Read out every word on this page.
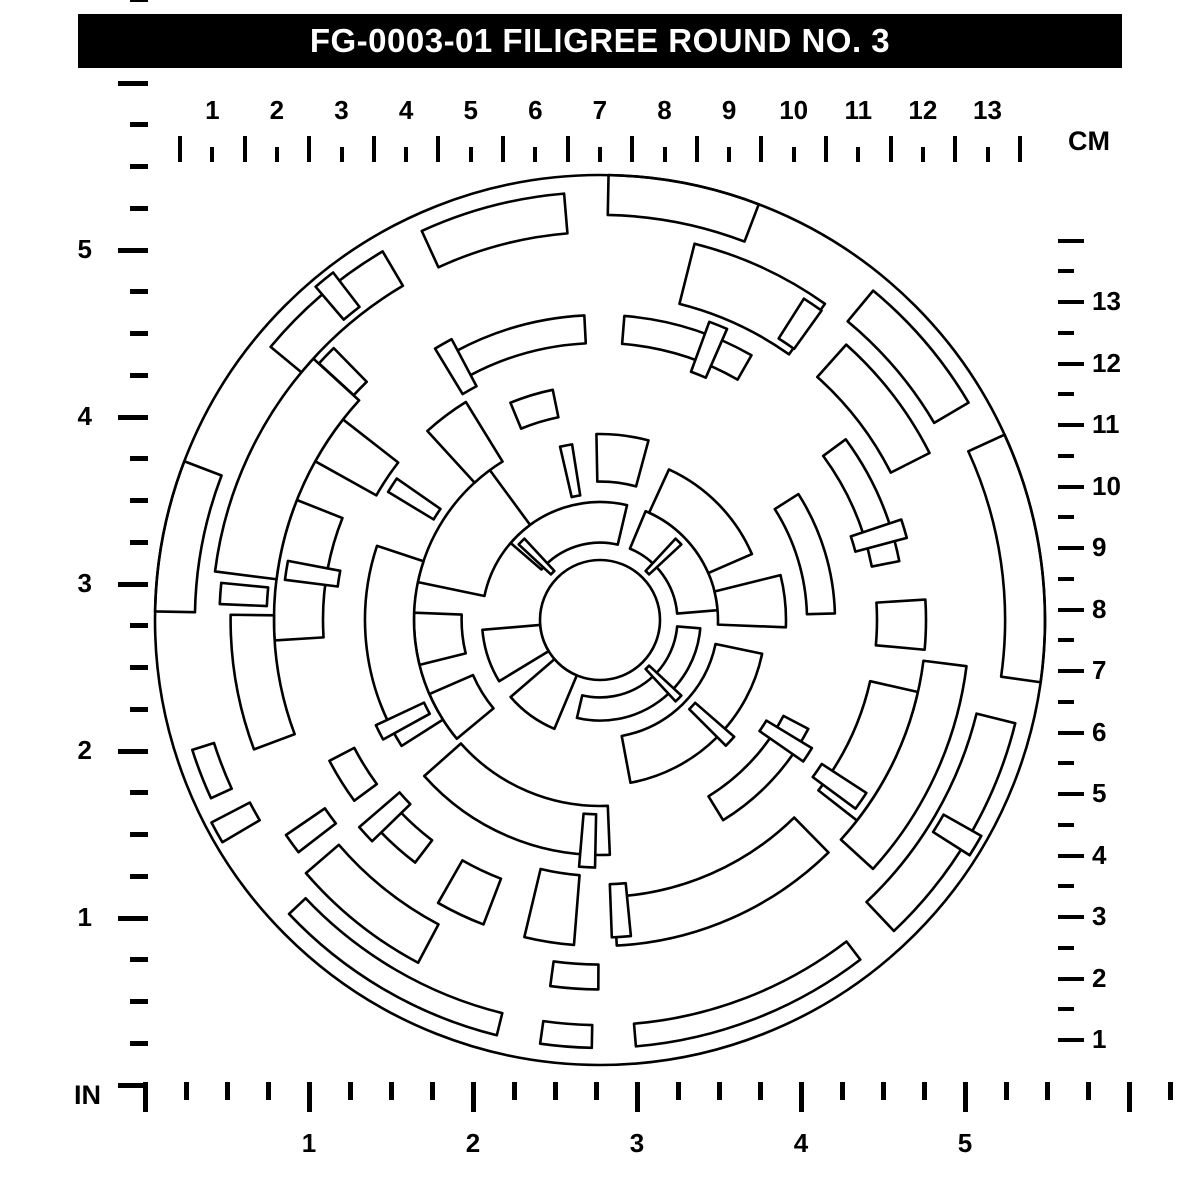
FG-0003-01 FILIGREE ROUND NO. 3
1	2	3	4	5	6	7	8	9	10	11	12	13
1
2
3
4
5
6
7
8
9
10
11
12
13
1
2
3
4
5
1	2	3	4	5
CM
IN
